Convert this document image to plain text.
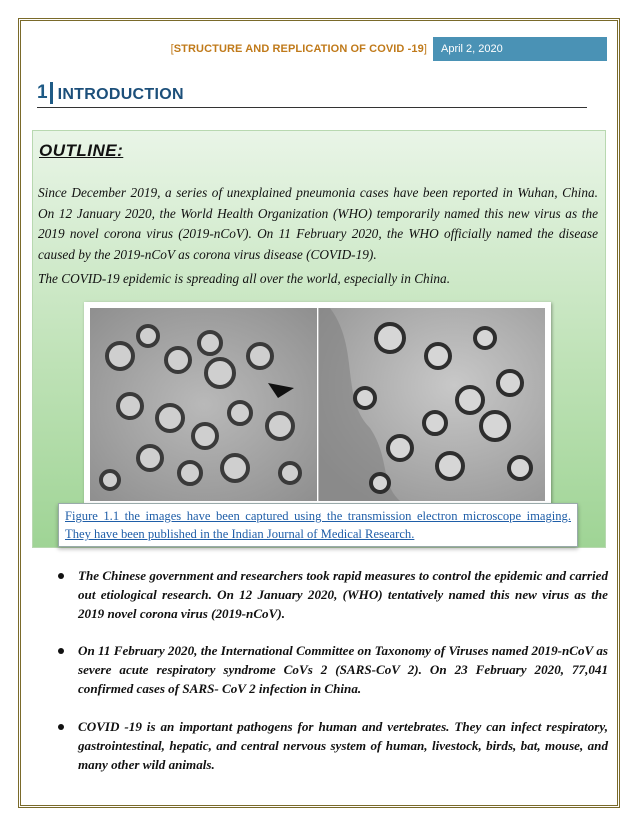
[STRUCTURE AND REPLICATION OF COVID -19]	April 2, 2020
1 INTRODUCTION
OUTLINE:

Since December 2019, a series of unexplained pneumonia cases have been reported in Wuhan, China. On 12 January 2020, the World Health Organization (WHO) temporarily named this new virus as the 2019 novel corona virus (2019-nCoV). On 11 February 2020, the WHO officially named the disease caused by the 2019-nCoV as corona virus disease (COVID-19).

The COVID-19 epidemic is spreading all over the world, especially in China.

Figure 1.1 the images have been captured using the transmission electron microscope imaging. They have been published in the Indian Journal of Medical Research.
The Chinese government and researchers took rapid measures to control the epidemic and carried out etiological research. On 12 January 2020, (WHO) tentatively named this new virus as the 2019 novel corona virus (2019-nCoV).
On 11 February 2020, the International Committee on Taxonomy of Viruses named 2019-nCoV as severe acute respiratory syndrome CoVs 2 (SARS-CoV 2). On 23 February 2020, 77,041 confirmed cases of SARS- CoV 2 infection in China.
COVID -19 is an important pathogens for human and vertebrates. They can infect respiratory, gastrointestinal, hepatic, and central nervous system of human, livestock, birds, bat, mouse, and many other wild animals.
